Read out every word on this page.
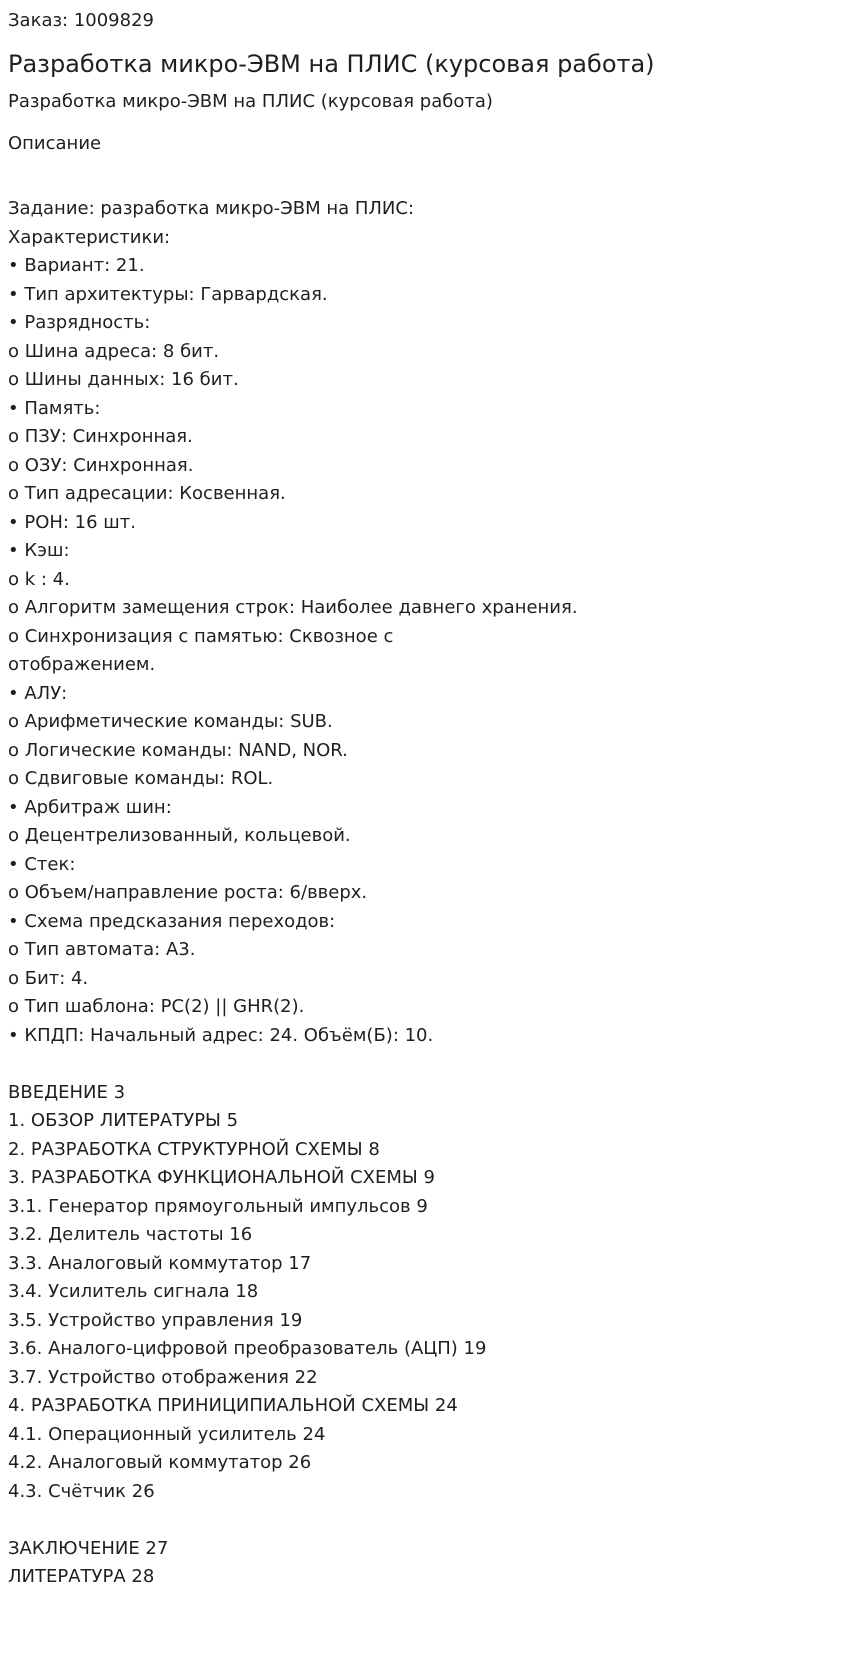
Заказ: 1009829

Разработка микро-ЭВМ на ПЛИС (курсовая работа)

Разработка микро-ЭВМ на ПЛИС (курсовая работа)

Описание

Задание: разработка микро-ЭВМ на ПЛИС:

Характеристики:

• Вариант: 21.

• Тип архитектуры: Гарвардская.

• Разрядность:

o Шина адреса: 8 бит.

o Шины данных: 16 бит.

• Память:

o ПЗУ: Синхронная.

o ОЗУ: Синхронная.

o Тип адресации: Косвенная.

• РОН: 16 шт.

• Кэш:

o k : 4.

o Алгоритм замещения строк: Наиболее давнего хранения.

o Синхронизация с памятью: Сквозное с

отображением.

• АЛУ:

o Арифметические команды: SUB.

o Логические команды: NAND, NOR.

o Сдвиговые команды: ROL.

• Арбитраж шин:

o Децентрелизованный, кольцевой.

• Стек:

o Объем/направление роста: 6/вверх.

• Схема предсказания переходов:

o Тип автомата: A3.

o Бит: 4.

o Тип шаблона: PC(2) || GHR(2).

• КПДП: Начальный адрес: 24. Объём(Б): 10.

ВВЕДЕНИЕ 3

1. ОБЗОР ЛИТЕРАТУРЫ 5

2. РАЗРАБОТКА СТРУКТУРНОЙ СХЕМЫ 8

3. РАЗРАБОТКА ФУНКЦИОНАЛЬНОЙ СХЕМЫ 9

3.1. Генератор прямоугольный импульсов 9

3.2. Делитель частоты 16

3.3. Аналоговый коммутатор 17

3.4. Усилитель сигнала 18

3.5. Устройство управления 19

3.6. Аналого-цифровой преобразователь (АЦП) 19

3.7. Устройство отображения 22

4. РАЗРАБОТКА ПРИНИЦИПИАЛЬНОЙ СХЕМЫ 24

4.1. Операционный усилитель 24

4.2. Аналоговый коммутатор 26

4.3. Счётчик 26

ЗАКЛЮЧЕНИЕ 27

ЛИТЕРАТУРА 28
